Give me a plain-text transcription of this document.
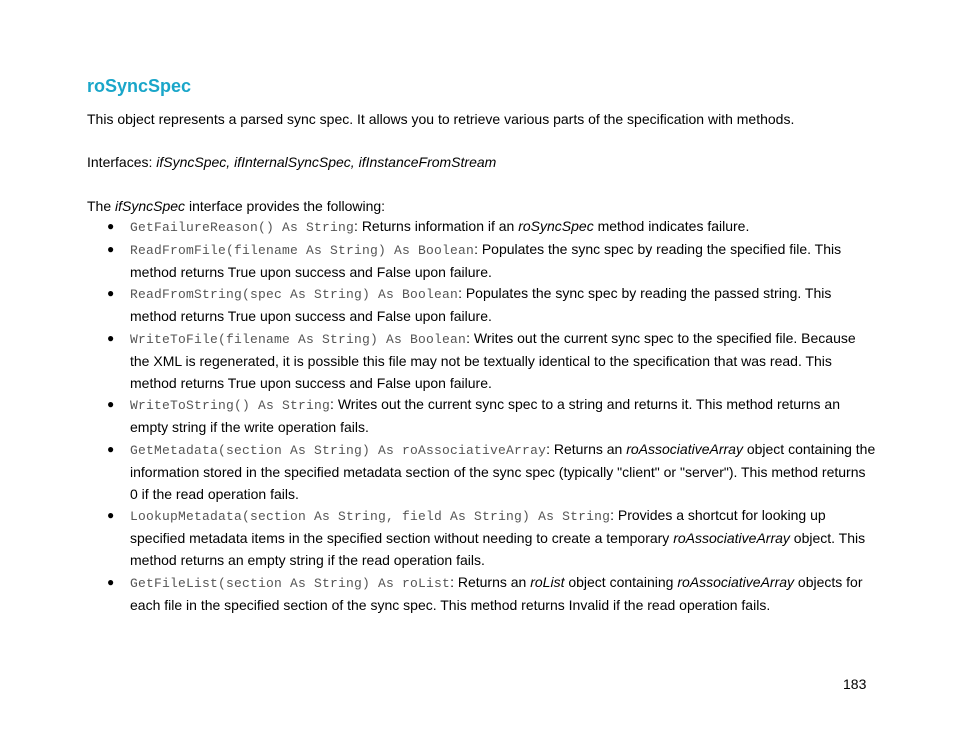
roSyncSpec

This object represents a parsed sync spec. It allows you to retrieve various parts of the specification with methods.

Interfaces: ifSyncSpec, ifInternalSyncSpec, ifInstanceFromStream

The ifSyncSpec interface provides the following:

● GetFailureReason() As String: Returns information if an roSyncSpec method indicates failure.
● ReadFromFile(filename As String) As Boolean: Populates the sync spec by reading the specified file. This method returns True upon success and False upon failure.
● ReadFromString(spec As String) As Boolean: Populates the sync spec by reading the passed string. This method returns True upon success and False upon failure.
● WriteToFile(filename As String) As Boolean: Writes out the current sync spec to the specified file. Because the XML is regenerated, it is possible this file may not be textually identical to the specification that was read. This method returns True upon success and False upon failure.
● WriteToString() As String: Writes out the current sync spec to a string and returns it. This method returns an empty string if the write operation fails.
● GetMetadata(section As String) As roAssociativeArray: Returns an roAssociativeArray object containing the information stored in the specified metadata section of the sync spec (typically "client" or "server"). This method returns 0 if the read operation fails.
● LookupMetadata(section As String, field As String) As String: Provides a shortcut for looking up specified metadata items in the specified section without needing to create a temporary roAssociativeArray object. This method returns an empty string if the read operation fails.
● GetFileList(section As String) As roList: Returns an roList object containing roAssociativeArray objects for each file in the specified section of the sync spec. This method returns Invalid if the read operation fails.
183
